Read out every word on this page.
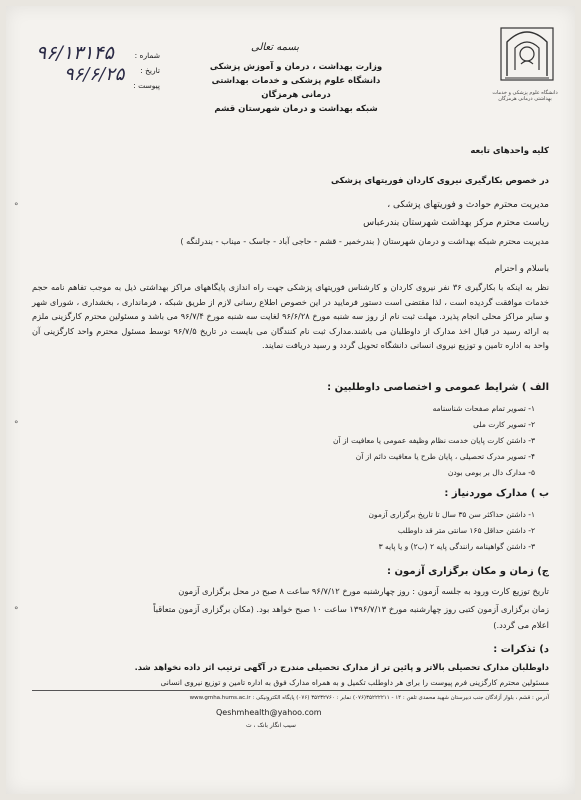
دانشگاه علوم پزشکی و خدمات بهداشتی درمانی هرمزگان
بسمه تعالی
وزارت بهداشت ، درمان و آموزش پزشکی
دانشگاه علوم پزشکی و خدمات بهداشتی درمانی هرمزگان
شبکه بهداشت و درمان شهرستان قشم
شماره :
تاریخ :
پیوست :
۹۶/۱۳۱۴۵
۹۶/۶/۲۵
کلیه واحدهای تابعه
در خصوص بکارگیری نیروی کاردان فوریتهای پزشکی
مدیریت محترم حوادث و فوریتهای پزشکی ،
ریاست محترم مرکز بهداشت شهرستان بندرعباس
مدیریت محترم شبکه بهداشت و درمان شهرستان ( بندرخمیر - قشم - حاجی آباد - جاسک - میناب - بندرلنگه )
باسلام و احترام
نظر به اینکه با بکارگیری ۳۶ نفر نیروی کاردان و کارشناس فوریتهای پزشکی جهت راه اندازی پایگاههای مراکز بهداشتی ذیل به موجب تفاهم نامه حجم خدمات موافقت گردیده است ، لذا مقتضی است دستور فرمایید در این خصوص اطلاع رسانی لازم از طریق شبکه ، فرمانداری ، بخشداری ، شورای شهر و سایر مراکز محلی انجام پذیرد. مهلت ثبت نام از روز سه شنبه مورخ ۹۶/۶/۲۸ لغایت سه شنبه مورخ ۹۶/۷/۴ می باشد و مسئولین محترم کارگزینی ملزم به ارائه رسید در قبال اخذ مدارک از داوطلبان می باشند.مدارک ثبت نام کنندگان می بایست در تاریخ ۹۶/۷/۵ توسط مسئول محترم واحد کارگزینی آن واحد به اداره تامین و توزیع نیروی انسانی دانشگاه تحویل گردد و رسید دریافت نمایند.
الف ) شرایط عمومی و اختصاصی داوطلبین :
۱- تصویر تمام صفحات شناسنامه
۲- تصویر کارت ملی
۳- داشتن کارت پایان خدمت نظام وظیفه عمومی یا معافیت از آن
۴- تصویر مدرک تحصیلی ، پایان طرح یا معافیت دائم از آن
۵- مدارک دال بر بومی بودن
ب ) مدارک موردنیاز :
۱- داشتن حداکثر سن ۳۵ سال تا تاریخ برگزاری آزمون
۲- داشتن حداقل ۱۶۵ سانتی متر قد داوطلب
۳- داشتن گواهینامه رانندگی پایه ۲ (ب۲) و یا پایه ۳
ج) زمان و مکان برگزاری آزمون :
تاریخ توزیع کارت ورود به جلسه آزمون : روز چهارشنبه مورخ ۹۶/۷/۱۲ ساعت ۸ صبح در محل برگزاری آزمون
زمان برگزاری آزمون کتبی روز چهارشنبه مورخ ۱۳۹۶/۷/۱۳ ساعت ۱۰ صبح خواهد بود. (مکان برگزاری آزمون متعاقباً
اعلام می گردد.)
د) تذکرات :
داوطلبان مدارک تحصیلی بالاتر و پائین تر از مدارک تحصیلی مندرج در آگهی ترتیب اثر داده نخواهد شد.
مسئولین محترم کارگزینی فرم پیوست را برای هر داوطلب تکمیل و به همراه مدارک فوق به اداره تامین و توزیع نیروی انسانی
آدرس : قشم ، بلوار آزادگان جنب دبیرستان شهید محمدی تلفن : ۱۴ - ۳۵۲۲۲۲۱۱(۰۷۶) نمابر : ۳۵۲۳۲۷۶۰ (۰۷۶) پایگاه الکترونیکی : www.gmha.hums.ac.ir
Qeshmhealth@yahoo.com
سیب انگار بانک ، ت
°
°
°
